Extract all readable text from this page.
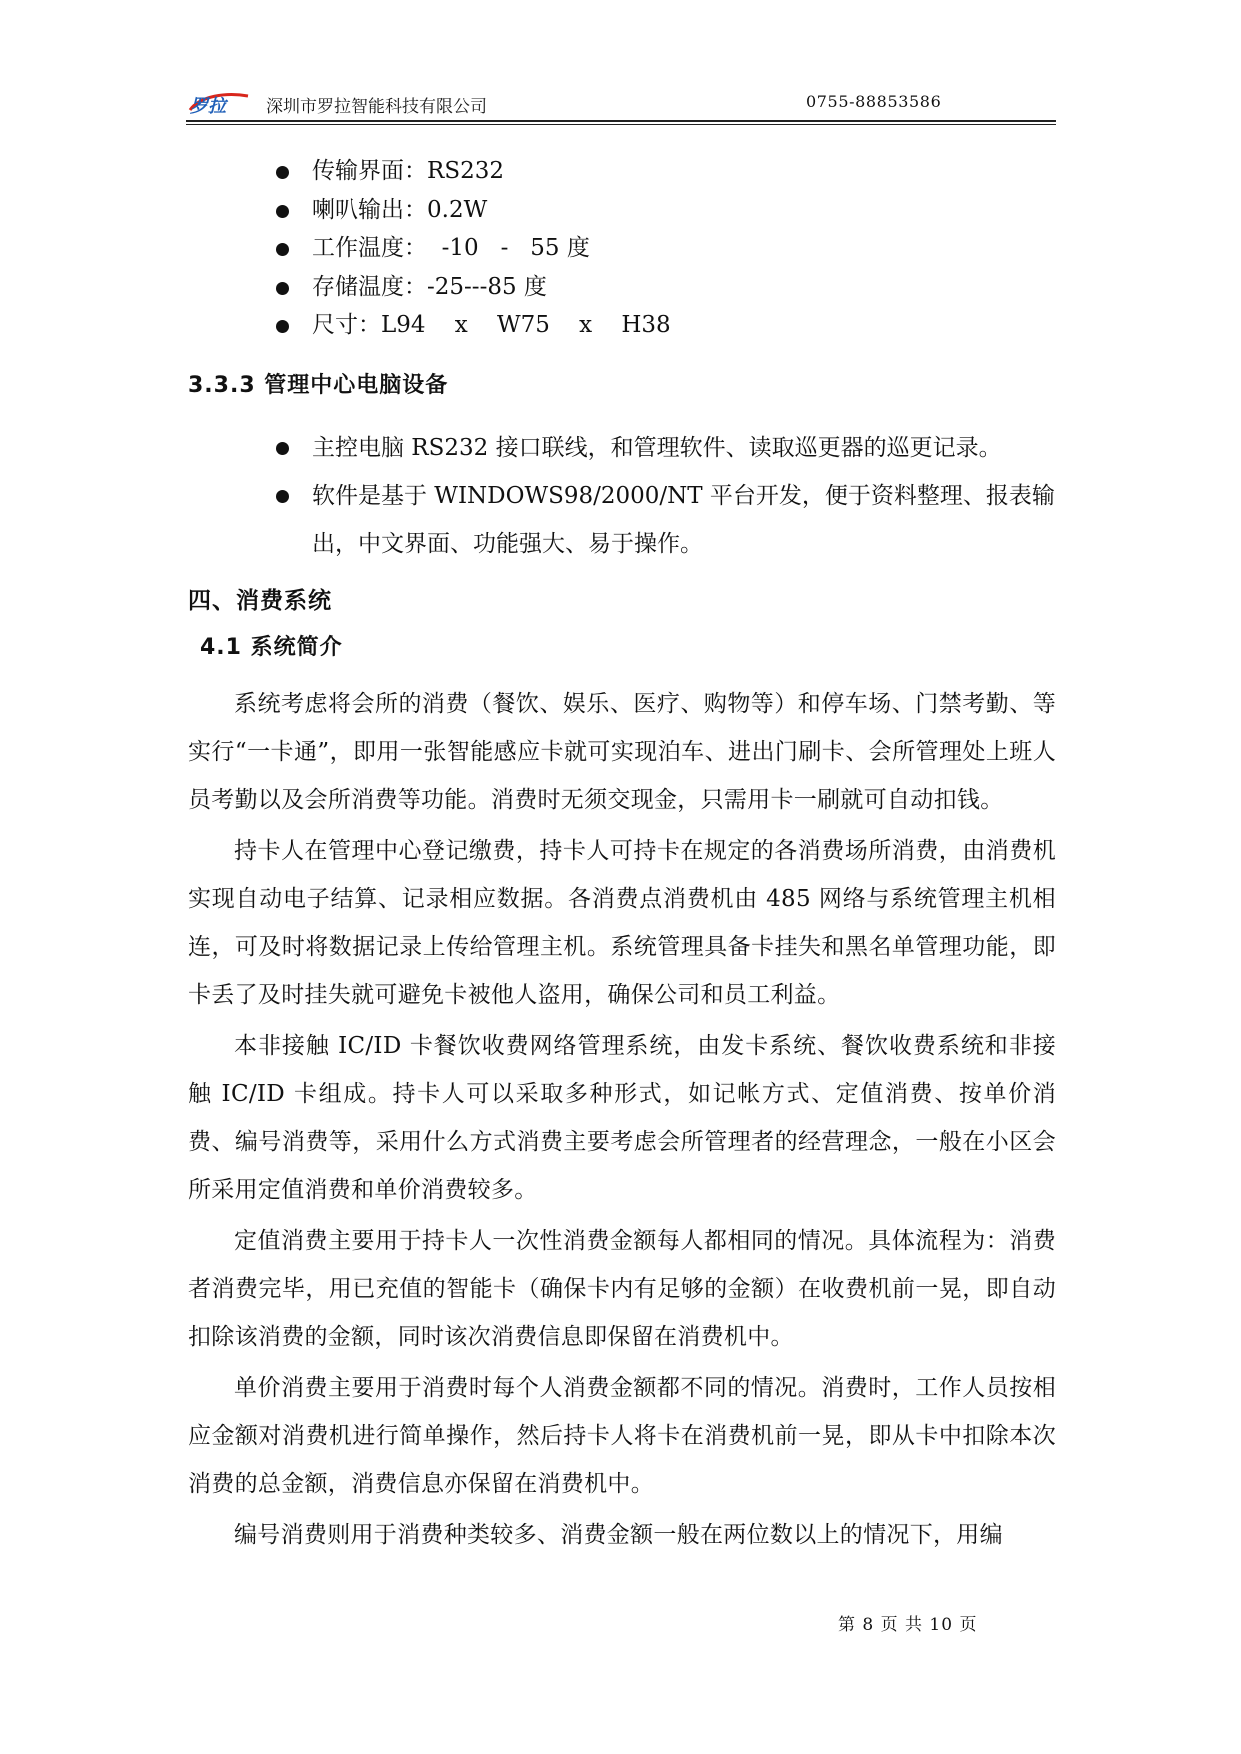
罗拉 深圳市罗拉智能科技有限公司	0755-88853586
传输界面：RS232
喇叭输出：0.2W
工作温度：  -10   -   55 度
存储温度：-25---85 度
尺寸：L94    x    W75    x    H38
3.3.3 管理中心电脑设备
主控电脑 RS232 接口联线，和管理软件、读取巡更器的巡更记录。
软件是基于 WINDOWS98/2000/NT 平台开发，便于资料整理、报表输出，中文界面、功能强大、易于操作。
四、消费系统
4.1 系统简介

系统考虑将会所的消费（餐饮、娱乐、医疗、购物等）和停车场、门禁考勤、等实行“一卡通”，即用一张智能感应卡就可实现泊车、进出门刷卡、会所管理处上班人员考勤以及会所消费等功能。消费时无须交现金，只需用卡一刷就可自动扣钱。

持卡人在管理中心登记缴费，持卡人可持卡在规定的各消费场所消费，由消费机实现自动电子结算、记录相应数据。各消费点消费机由 485 网络与系统管理主机相连，可及时将数据记录上传给管理主机。系统管理具备卡挂失和黑名单管理功能，即卡丢了及时挂失就可避免卡被他人盗用，确保公司和员工利益。

本非接触 IC/ID 卡餐饮收费网络管理系统，由发卡系统、餐饮收费系统和非接触 IC/ID 卡组成。持卡人可以采取多种形式，如记帐方式、定值消费、按单价消费、编号消费等，采用什么方式消费主要考虑会所管理者的经营理念，一般在小区会所采用定值消费和单价消费较多。

定值消费主要用于持卡人一次性消费金额每人都相同的情况。具体流程为：消费者消费完毕，用已充值的智能卡（确保卡内有足够的金额）在收费机前一晃，即自动扣除该消费的金额，同时该次消费信息即保留在消费机中。

单价消费主要用于消费时每个人消费金额都不同的情况。消费时，工作人员按相应金额对消费机进行简单操作，然后持卡人将卡在消费机前一晃，即从卡中扣除本次消费的总金额，消费信息亦保留在消费机中。

编号消费则用于消费种类较多、消费金额一般在两位数以上的情况下，用编

第 8 页 共 10 页
